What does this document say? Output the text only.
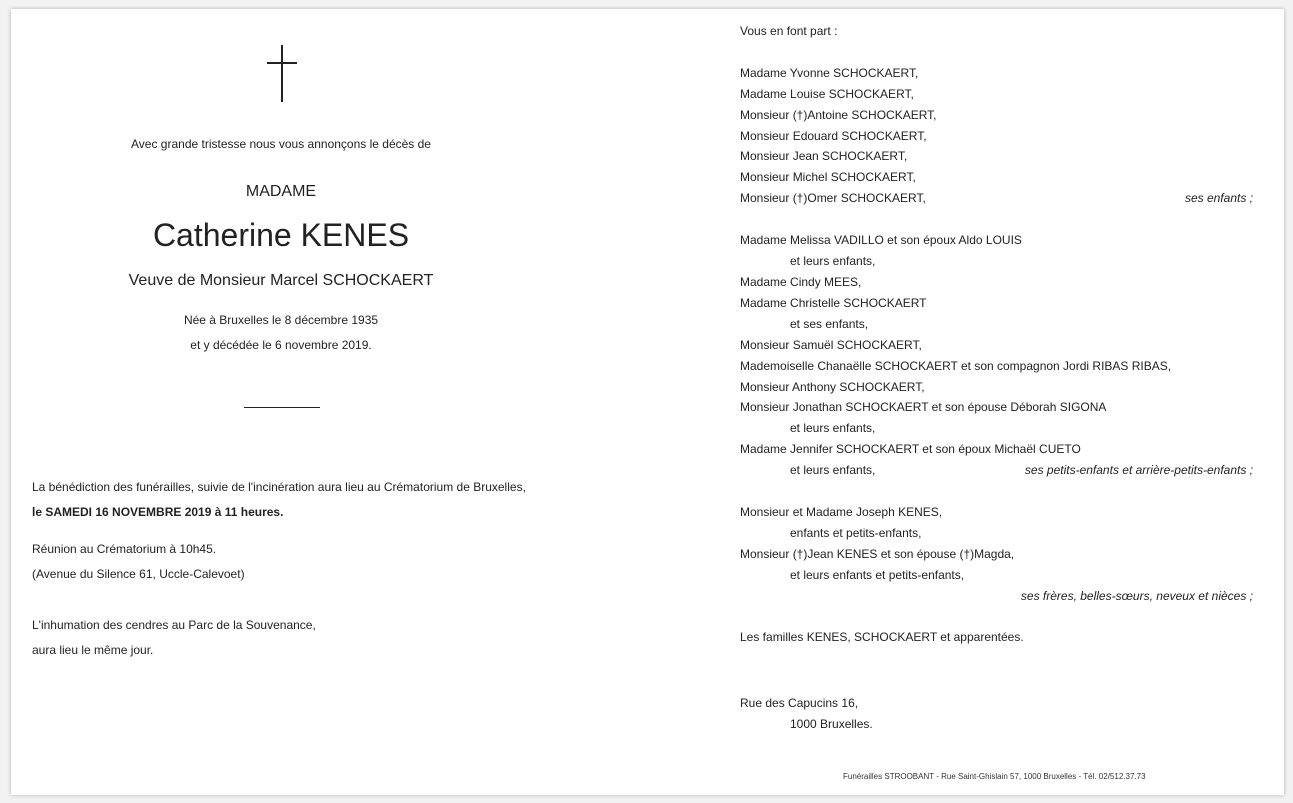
Avec grande tristesse nous vous annonçons le décès de
MADAME
Catherine KENES
Veuve de Monsieur Marcel SCHOCKAERT
Née à Bruxelles le 8 décembre 1935
et y décédée le 6 novembre 2019.
La bénédiction des funérailles, suivie de l'incinération aura lieu au Crématorium de Bruxelles,
le SAMEDI 16 NOVEMBRE 2019 à 11 heures.
Réunion au Crématorium à 10h45.
(Avenue du Silence 61, Uccle-Calevoet)
L'inhumation des cendres au Parc de la Souvenance,
aura lieu le même jour.
Vous en font part :
Madame Yvonne SCHOCKAERT,
Madame Louise SCHOCKAERT,
Monsieur (†)Antoine SCHOCKAERT,
Monsieur Edouard SCHOCKAERT,
Monsieur Jean SCHOCKAERT,
Monsieur Michel SCHOCKAERT,
Monsieur (†)Omer SCHOCKAERT,	ses enfants ;
Madame Melissa VADILLO et son époux Aldo LOUIS
et leurs enfants,
Madame Cindy MEES,
Madame Christelle SCHOCKAERT
et ses enfants,
Monsieur Samuël SCHOCKAERT,
Mademoiselle Chanaëlle SCHOCKAERT et son compagnon Jordi RIBAS RIBAS,
Monsieur Anthony SCHOCKAERT,
Monsieur Jonathan SCHOCKAERT et son épouse Déborah SIGONA
et leurs enfants,
Madame Jennifer SCHOCKAERT et son époux Michaël CUETO
et leurs enfants,	ses petits-enfants et arrière-petits-enfants ;
Monsieur et Madame Joseph KENES,
enfants et petits-enfants,
Monsieur (†)Jean KENES et son épouse (†)Magda,
et leurs enfants et petits-enfants,
ses frères, belles-sœurs, neveux et nièces ;
Les familles KENES, SCHOCKAERT et apparentées.
Rue des Capucins 16,
1000 Bruxelles.
Funérailles STROOBANT - Rue Saint-Ghislain 57, 1000 Bruxelles - Tél. 02/512.37.73
